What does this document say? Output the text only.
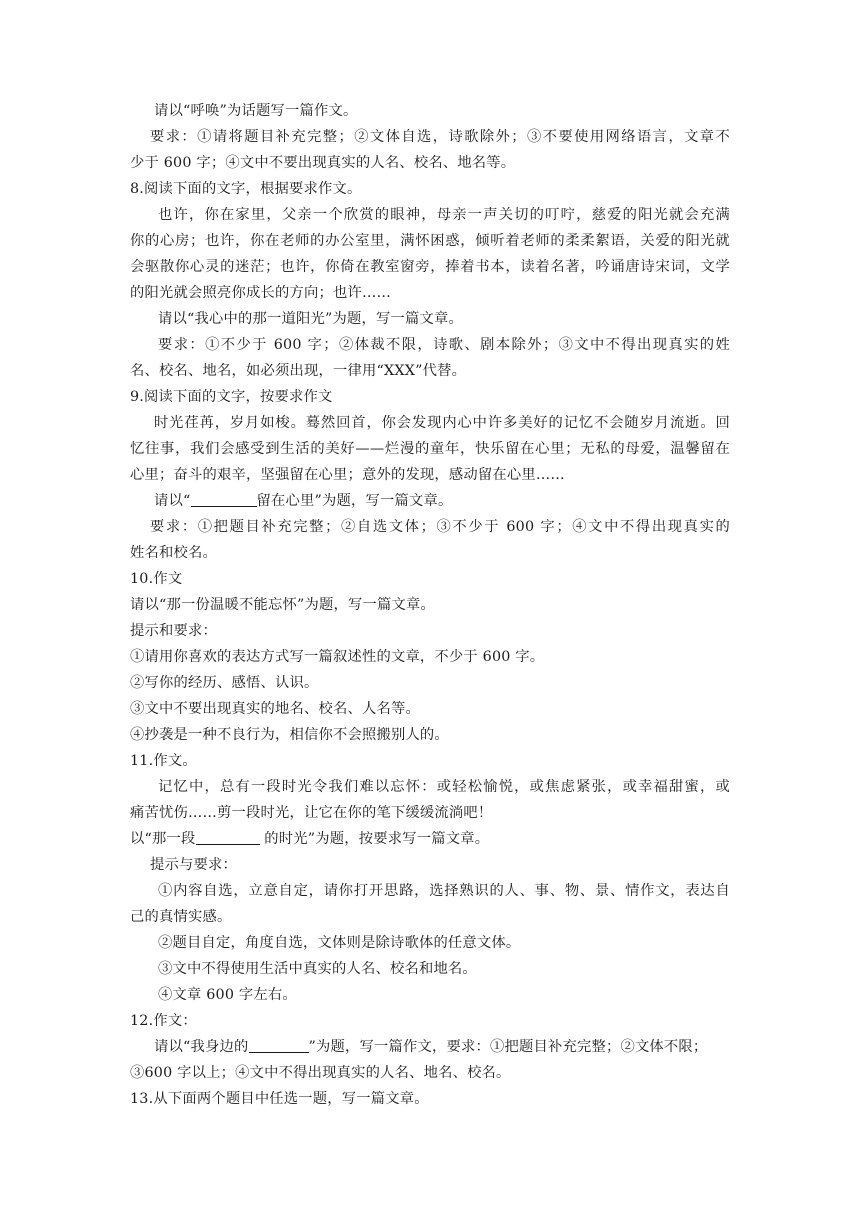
请以“呼唤”为话题写一篇作文。
要求：①请将题目补充完整；②文体自选，诗歌除外；③不要使用网络语言，文章不
少于 600 字；④文中不要出现真实的人名、校名、地名等。
8.阅读下面的文字，根据要求作文。
也许，你在家里，父亲一个欣赏的眼神，母亲一声关切的叮咛，慈爱的阳光就会充满
你的心房；也许，你在老师的办公室里，满怀困惑，倾听着老师的柔柔絮语，关爱的阳光就
会驱散你心灵的迷茫；也许，你倚在教室窗旁，捧着书本，读着名著，吟诵唐诗宋词，文学
的阳光就会照亮你成长的方向；也许……
请以“我心中的那一道阳光”为题，写一篇文章。
要求：①不少于 600 字；②体裁不限，诗歌、剧本除外；③文中不得出现真实的姓
名、校名、地名，如必须出现，一律用“XXX”代替。
9.阅读下面的文字，按要求作文
时光荏苒，岁月如梭。蓦然回首，你会发现内心中许多美好的记忆不会随岁月流逝。回
忆往事，我们会感受到生活的美好——烂漫的童年，快乐留在心里；无私的母爱，温馨留在
心里；奋斗的艰辛，坚强留在心里；意外的发现，感动留在心里……
请以“	留在心里”为题，写一篇文章。
要求：①把题目补充完整；②自选文体；③不少于 600 字；④文中不得出现真实的
姓名和校名。
10.作文
请以“那一份温暖不能忘怀”为题，写一篇文章。
提示和要求：
①请用你喜欢的表达方式写一篇叙述性的文章，不少于 600 字。
②写你的经历、感悟、认识。
③文中不要出现真实的地名、校名、人名等。
④抄袭是一种不良行为，相信你不会照搬别人的。
11.作文。
记忆中，总有一段时光令我们难以忘怀：或轻松愉悦，或焦虑紧张，或幸福甜蜜，或
痛苦忧伤……剪一段时光，让它在你的笔下缓缓流淌吧！
以“那一段	的时光”为题，按要求写一篇文章。
提示与要求：
①内容自选，立意自定，请你打开思路，选择熟识的人、事、物、景、情作文，表达自
己的真情实感。
②题目自定，角度自选，文体则是除诗歌体的任意文体。
③文中不得使用生活中真实的人名、校名和地名。
④文章 600 字左右。
12.作文：
请以“我身边的	”为题，写一篇作文，要求：①把题目补充完整；②文体不限；
③600 字以上；④文中不得出现真实的人名、地名、校名。
13.从下面两个题目中任选一题，写一篇文章。
